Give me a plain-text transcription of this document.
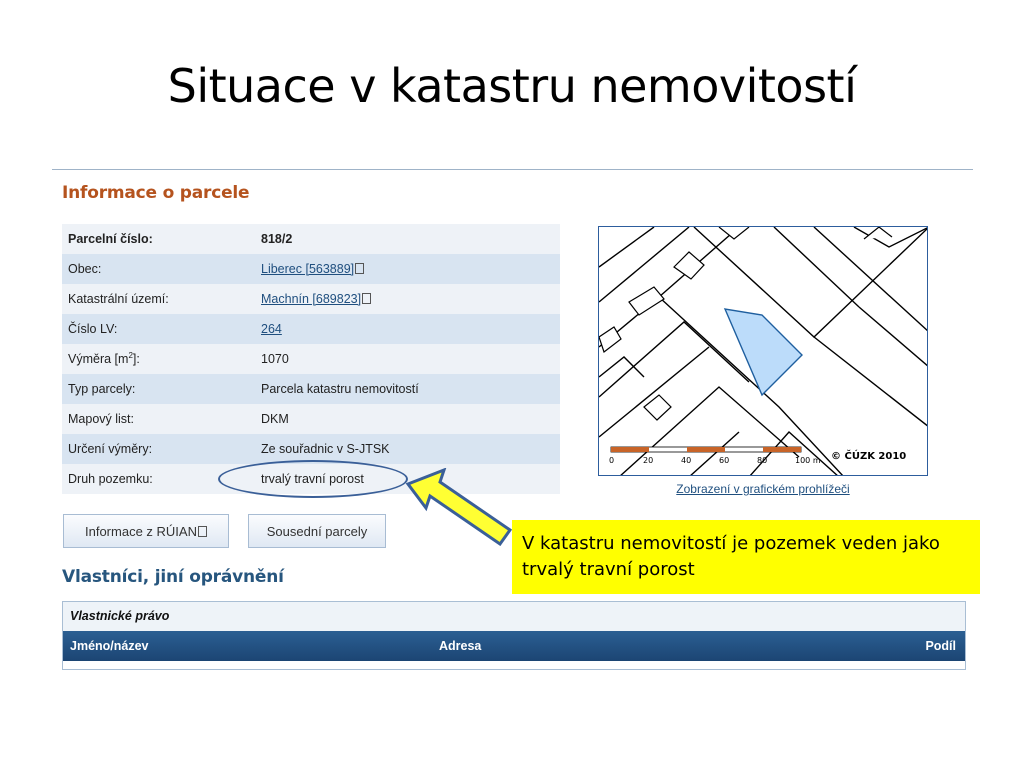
Situace v katastru nemovitostí
Informace o parcele
Parcelní číslo:	818/2
Obec:	Liberec [563889]
Katastrální území:	Machnín [689823]
Číslo LV:	264
Výměra $[m^2]$:	1070
Typ parcely:	Parcela katastru nemovitostí
Mapový list:	DKM
Určení výměry:	Ze souřadnic v S-JTSK
Druh pozemku:	trvalý travní porost
Informace z RÚIAN	Sousední parcely
0	20	40	60	80	100 m © ČÚZK 2010
Zobrazení v grafickém prohlížeči
Vlastníci, jiní oprávnění
Vlastnické právo
Jméno/název	Adresa	Podíl
V katastru nemovitostí je pozemek veden jako trvalý travní porost
